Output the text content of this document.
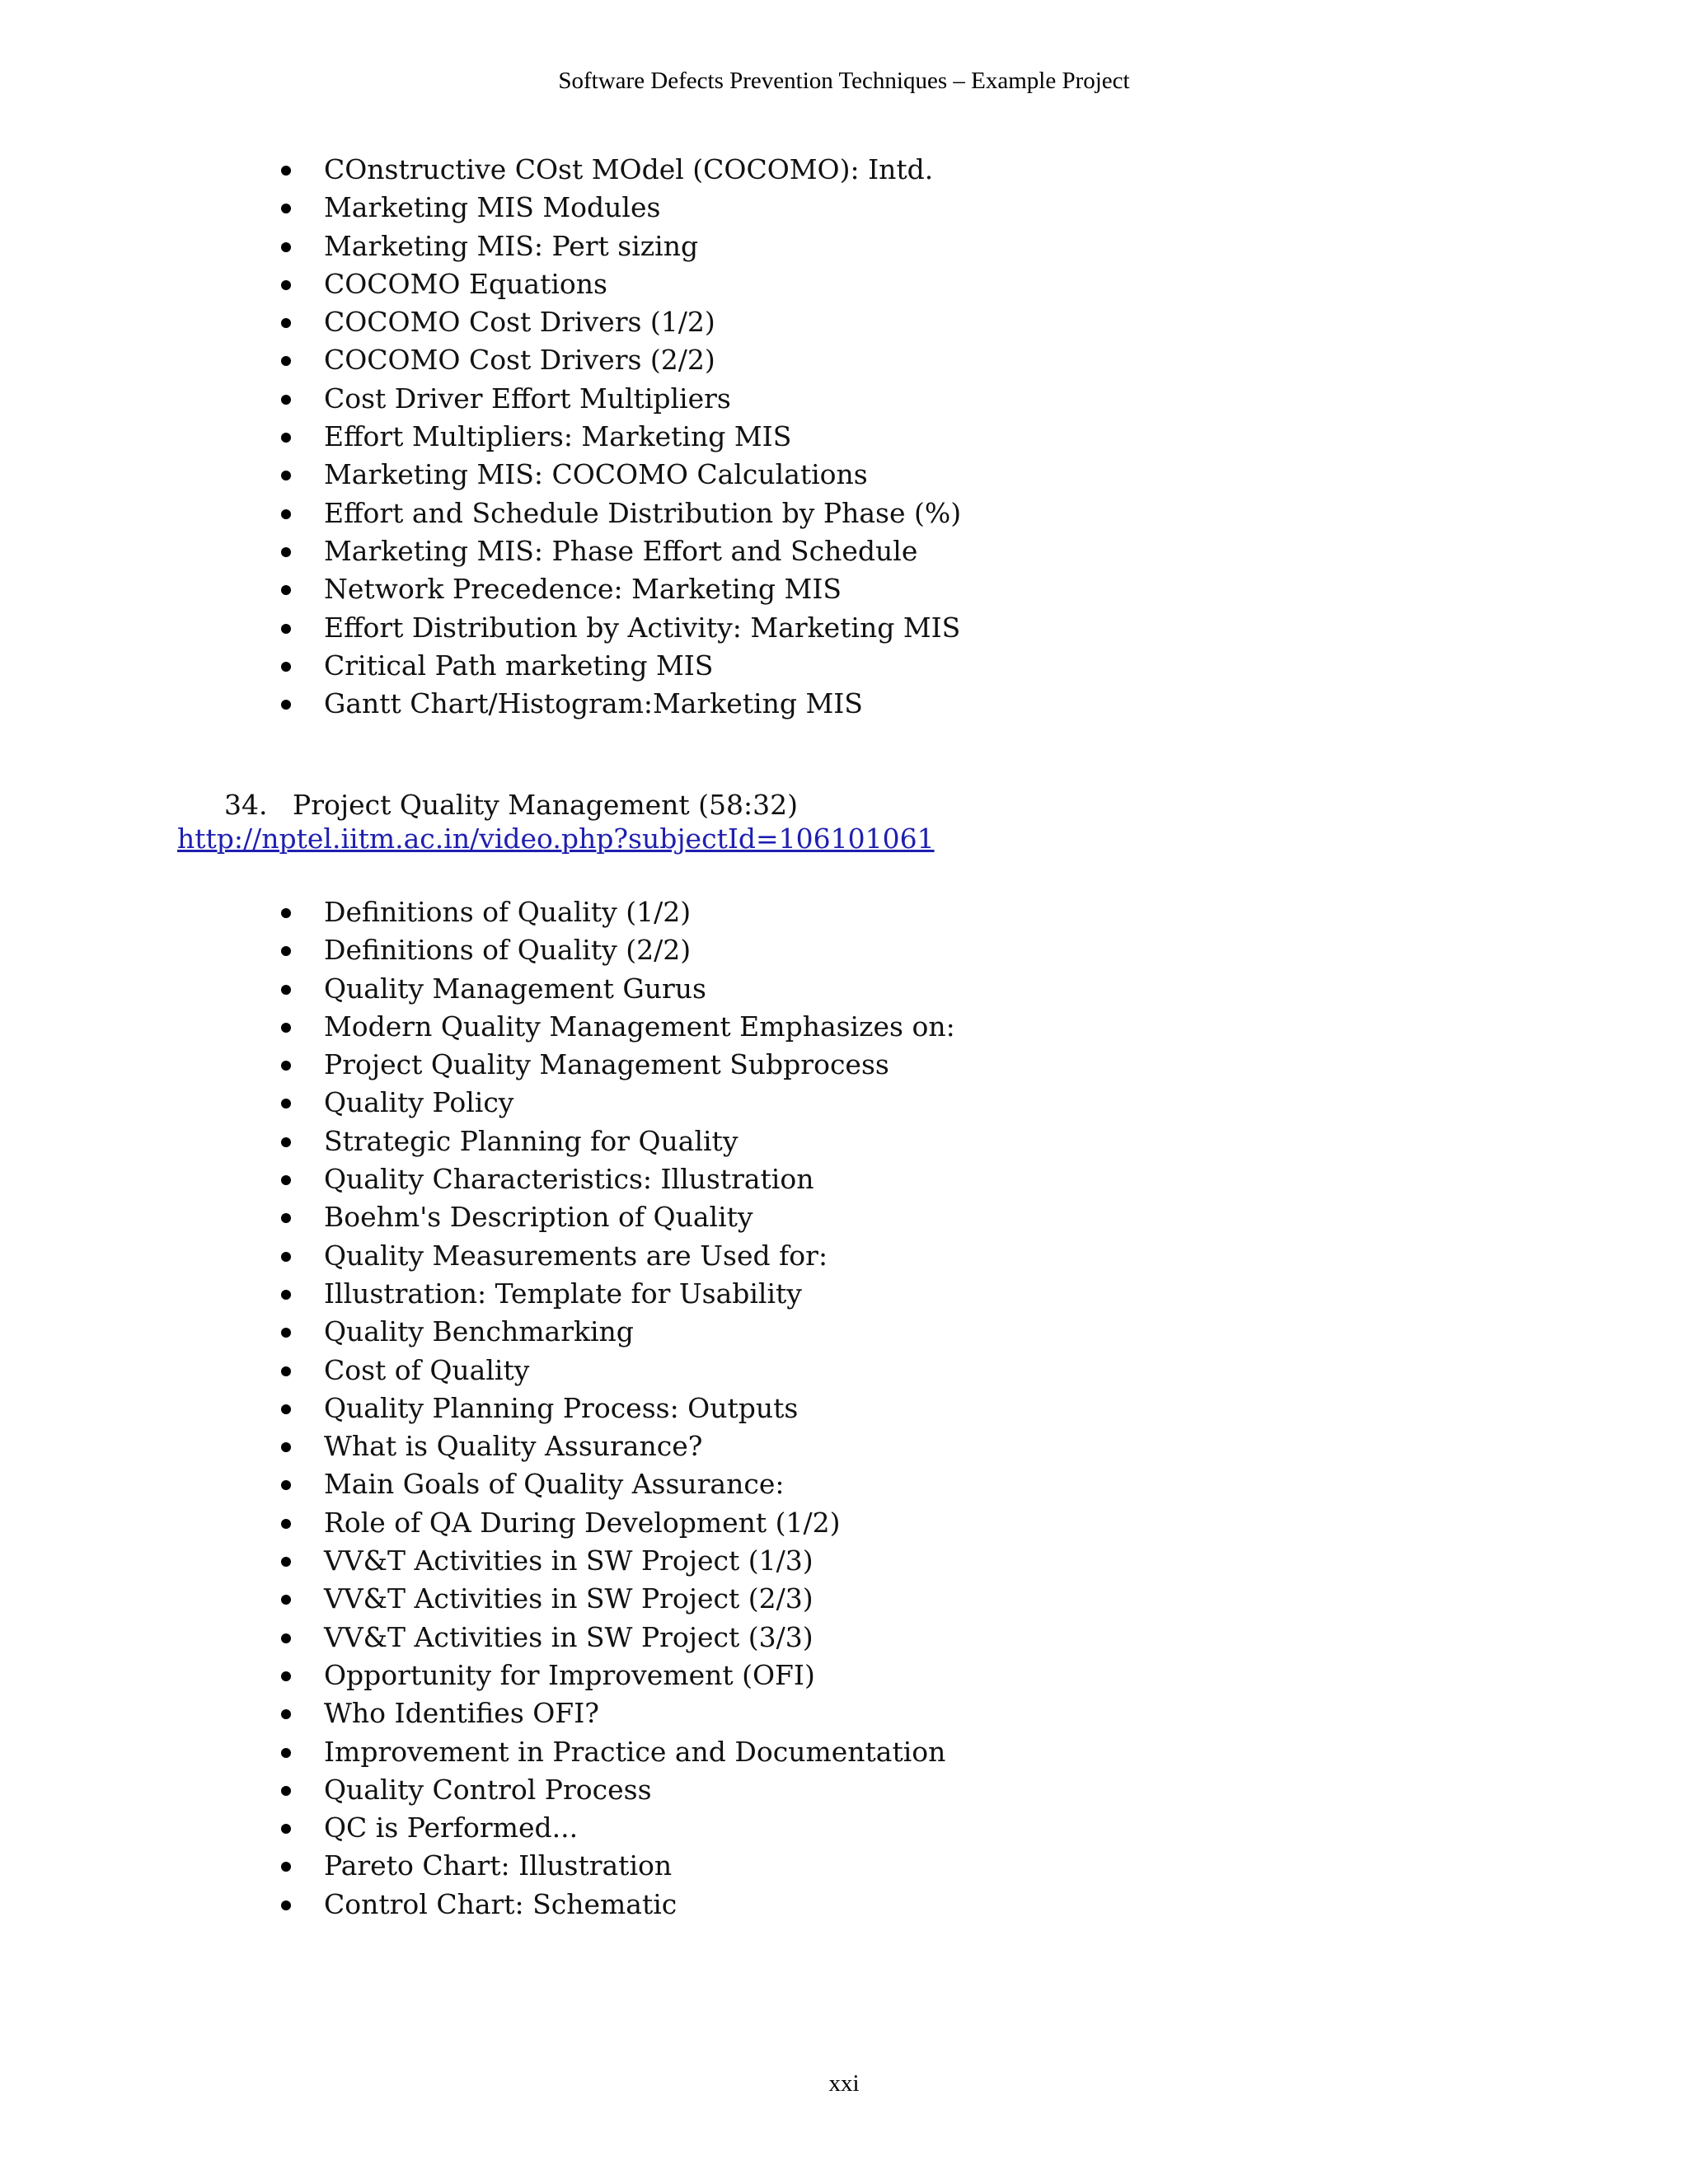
Software Defects Prevention Techniques – Example Project
COnstructive COst MOdel (COCOMO): Intd.
Marketing MIS Modules
Marketing MIS: Pert sizing
COCOMO Equations
COCOMO Cost Drivers (1/2)
COCOMO Cost Drivers (2/2)
Cost Driver Effort Multipliers
Effort Multipliers: Marketing MIS
Marketing MIS: COCOMO Calculations
Effort and Schedule Distribution by Phase (%)
Marketing MIS: Phase Effort and Schedule
Network Precedence: Marketing MIS
Effort Distribution by Activity: Marketing MIS
Critical Path marketing MIS
Gantt Chart/Histogram:Marketing MIS
34. Project Quality Management (58:32)
http://nptel.iitm.ac.in/video.php?subjectId=106101061
Definitions of Quality (1/2)
Definitions of Quality (2/2)
Quality Management Gurus
Modern Quality Management Emphasizes on:
Project Quality Management Subprocess
Quality Policy
Strategic Planning for Quality
Quality Characteristics: Illustration
Boehm's Description of Quality
Quality Measurements are Used for:
Illustration: Template for Usability
Quality Benchmarking
Cost of Quality
Quality Planning Process: Outputs
What is Quality Assurance?
Main Goals of Quality Assurance:
Role of QA During Development (1/2)
VV&T Activities in SW Project (1/3)
VV&T Activities in SW Project (2/3)
VV&T Activities in SW Project (3/3)
Opportunity for Improvement (OFI)
Who Identifies OFI?
Improvement in Practice and Documentation
Quality Control Process
QC is Performed...
Pareto Chart: Illustration
Control Chart: Schematic
xxi
